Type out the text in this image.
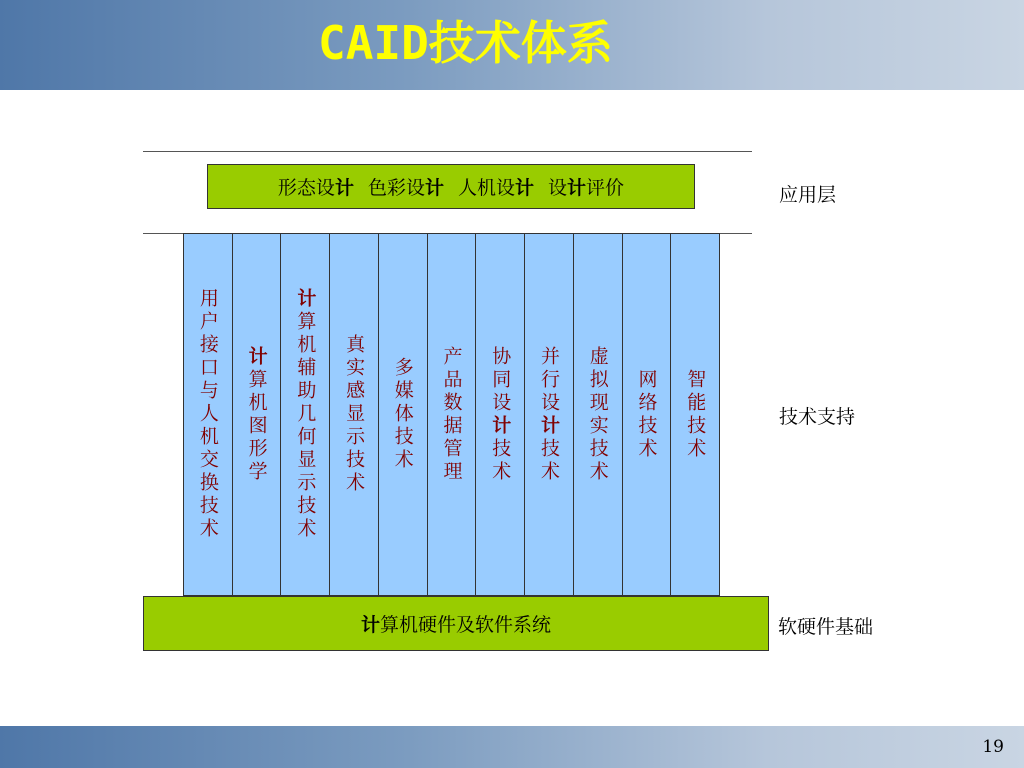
CAID技术体系
形态设计 色彩设计 人机设计 设计评价	应用层
用户接口与人机交换技术 计算机图形学
计算机辅助几何显示技术 真实感显示技术 多媒体技术 产品数据管理 协同设计技术
并行设计技术 虚拟现实技术 网络技术 智能技术	技术支持
计算机硬件及软件系统	软硬件基础
19
